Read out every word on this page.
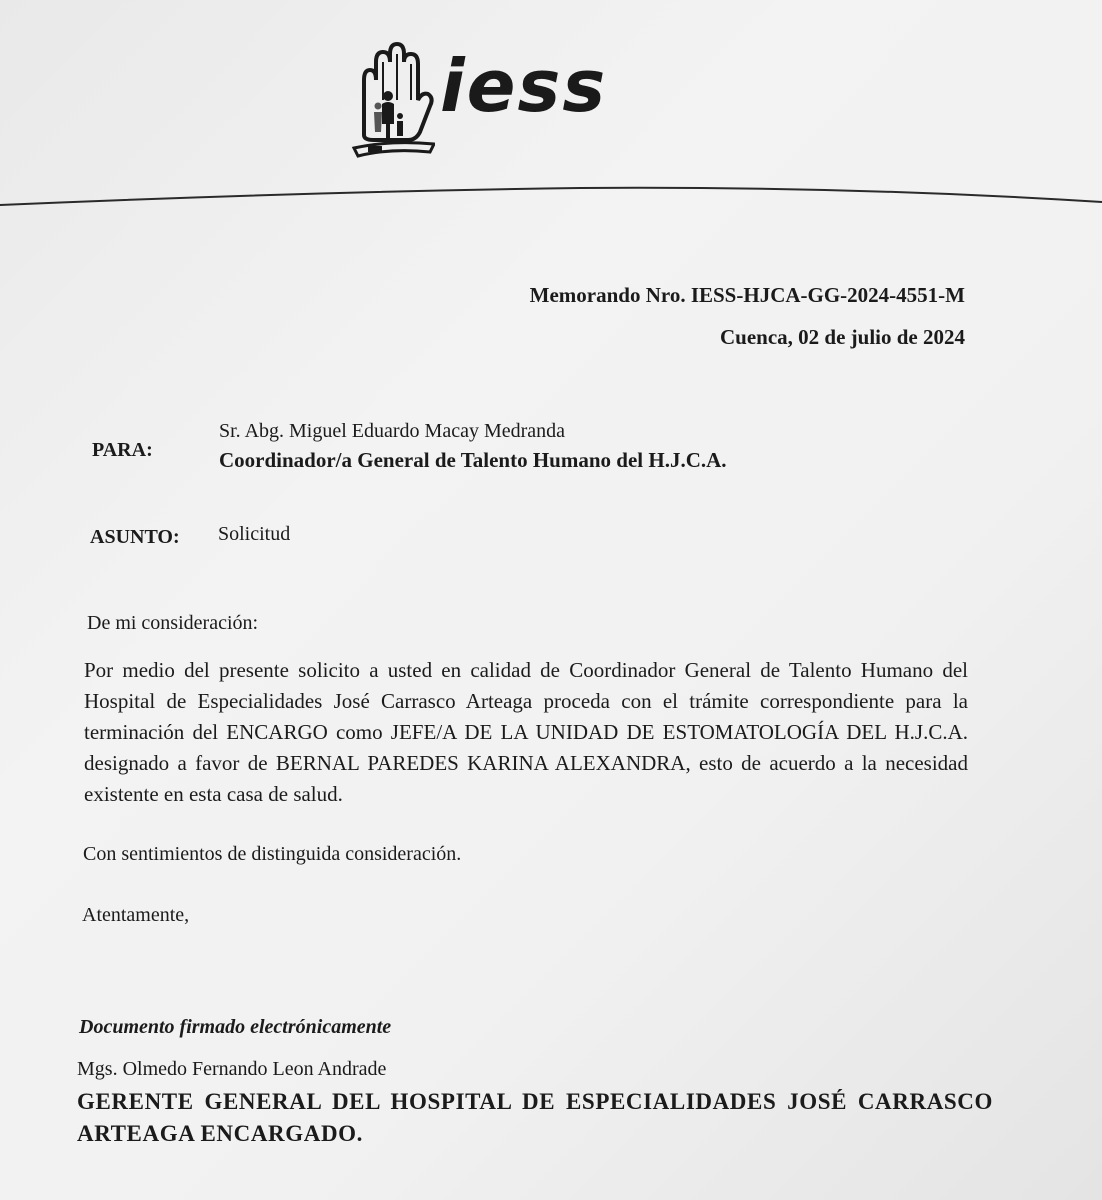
iess
Memorando Nro. IESS-HJCA-GG-2024-4551-M
Cuenca, 02 de julio de 2024
PARA:
Sr. Abg. Miguel Eduardo Macay Medranda
Coordinador/a General de Talento Humano del H.J.C.A.
ASUNTO: Solicitud
De mi consideración:
Por medio del presente solicito a usted en calidad de Coordinador General de Talento Humano del Hospital de Especialidades José Carrasco Arteaga proceda con el trámite correspondiente para la terminación del ENCARGO como JEFE/A DE LA UNIDAD DE ESTOMATOLOGÍA DEL H.J.C.A. designado a favor de BERNAL PAREDES KARINA ALEXANDRA, esto de acuerdo a la necesidad existente en esta casa de salud.
Con sentimientos de distinguida consideración.
Atentamente,
Documento firmado electrónicamente
Mgs. Olmedo Fernando Leon Andrade
GERENTE GENERAL DEL HOSPITAL DE ESPECIALIDADES JOSÉ CARRASCO ARTEAGA ENCARGADO.
